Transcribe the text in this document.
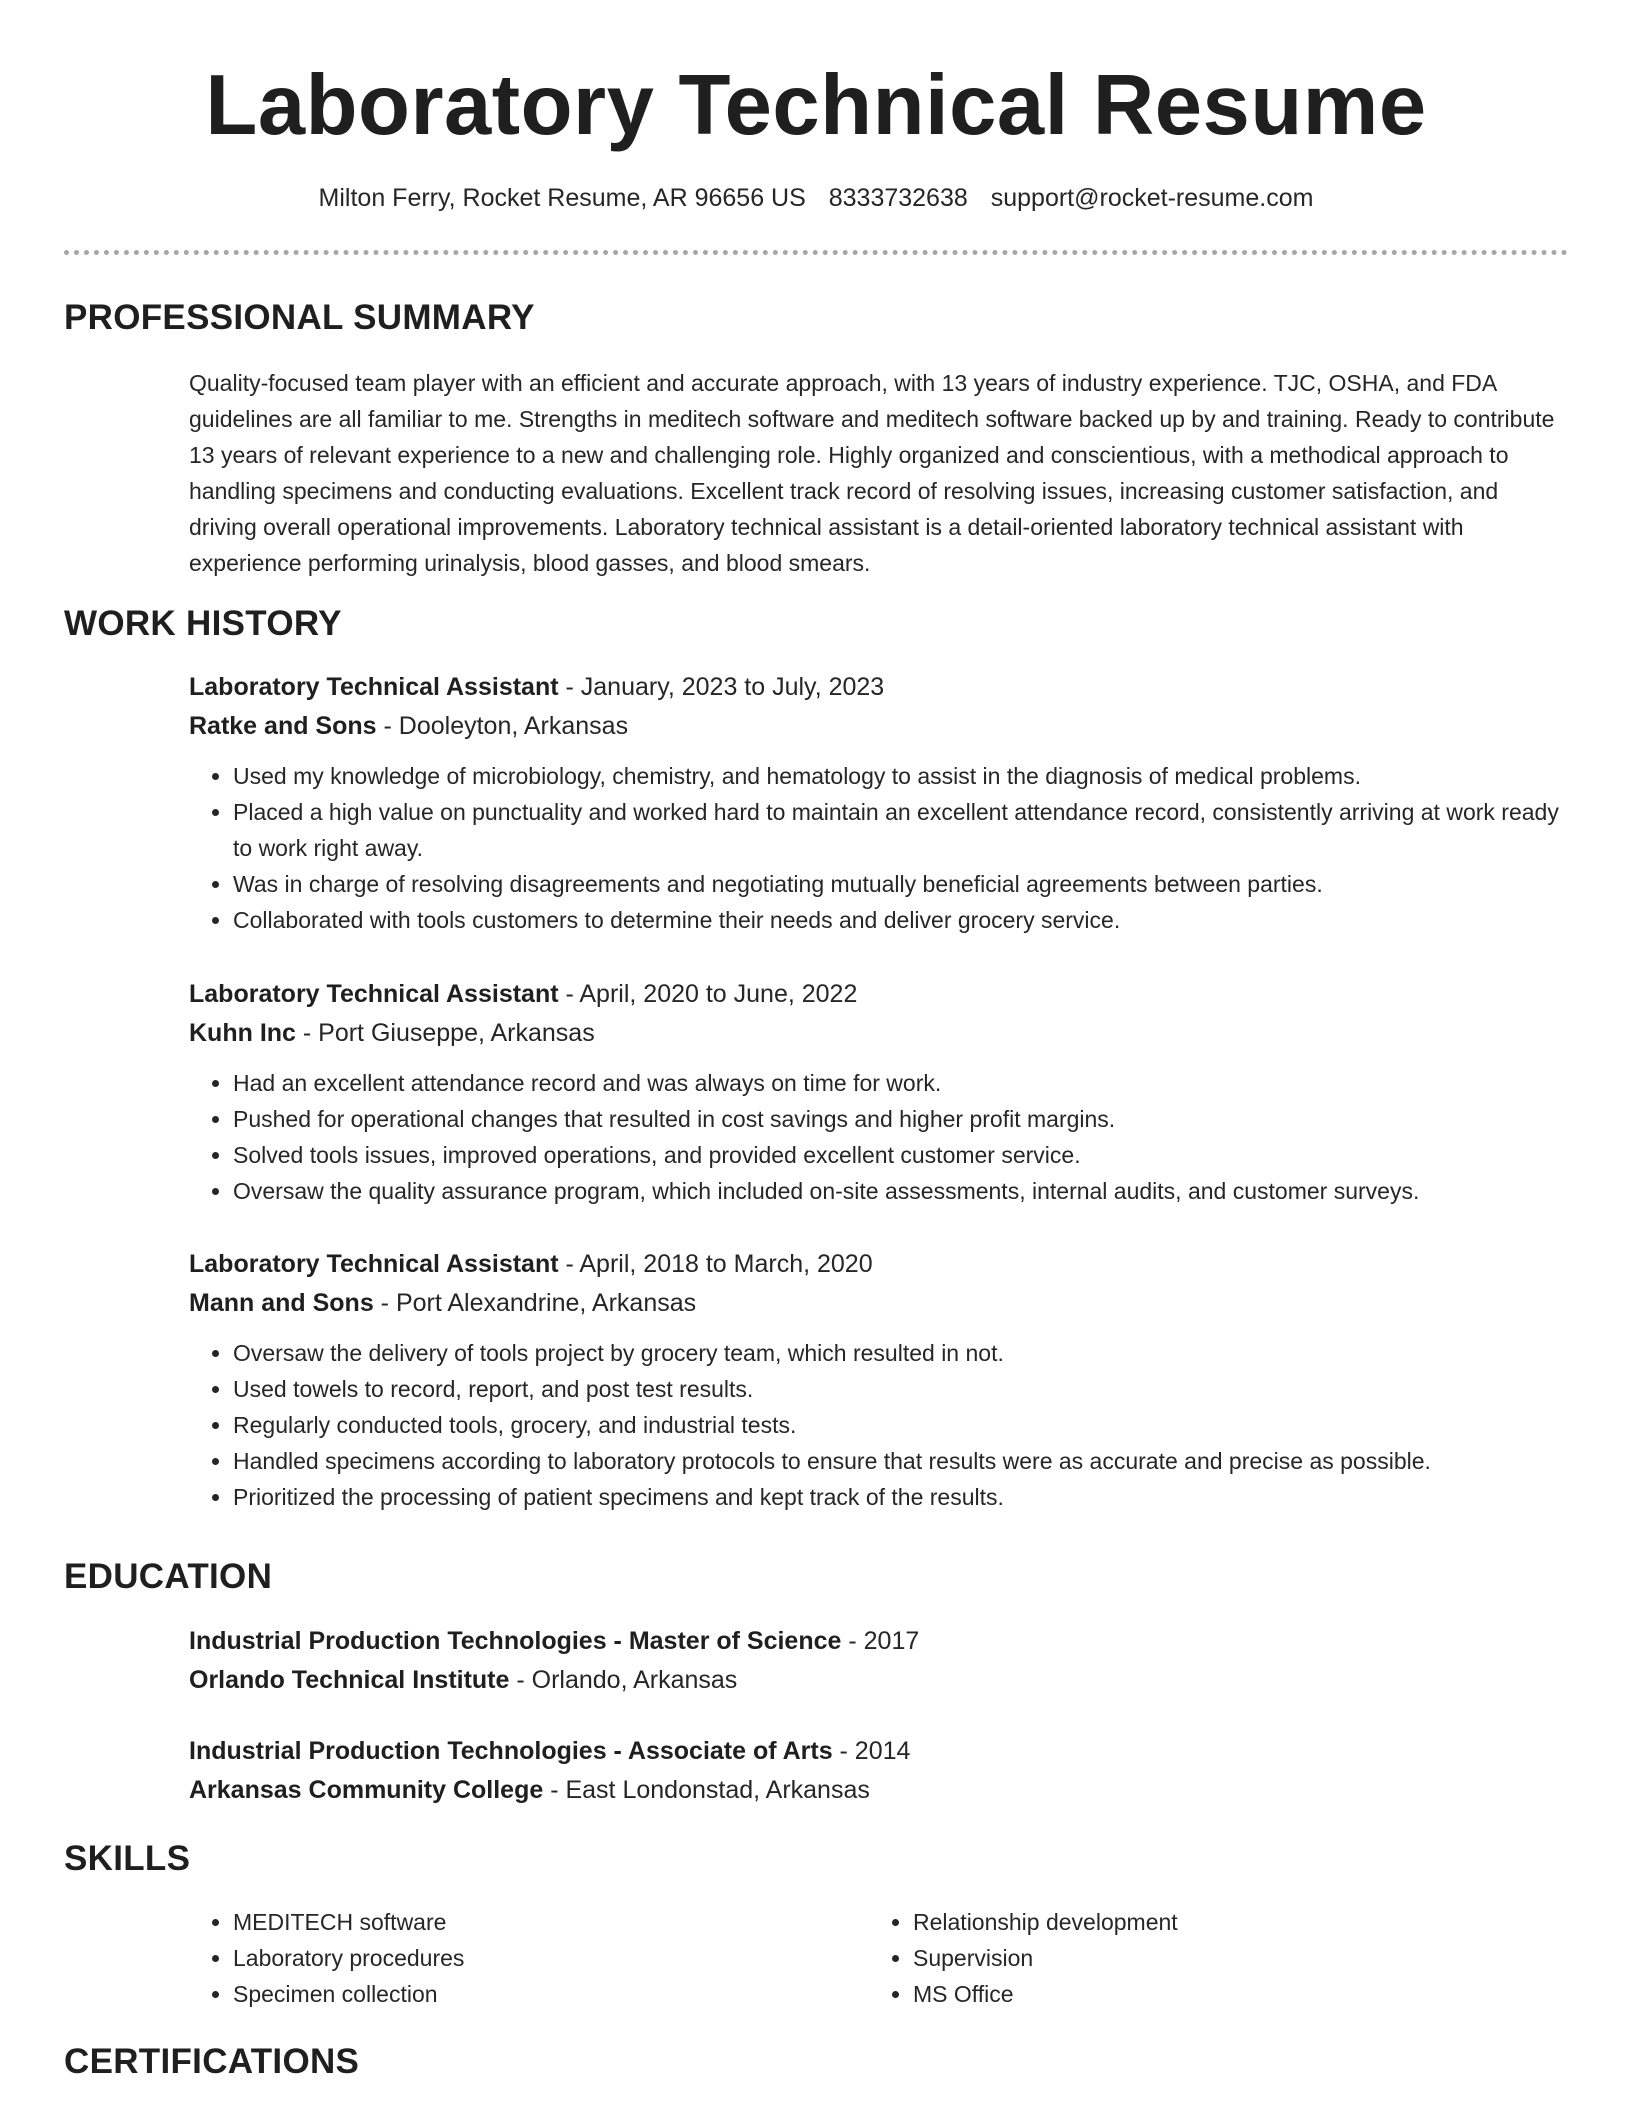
Laboratory Technical Resume
Milton Ferry, Rocket Resume, AR 96656 US 8333732638 support@rocket-resume.com
PROFESSIONAL SUMMARY

Quality-focused team player with an efficient and accurate approach, with 13 years of industry experience. TJC, OSHA, and FDA guidelines are all familiar to me. Strengths in meditech software and meditech software backed up by and training. Ready to contribute 13 years of relevant experience to a new and challenging role. Highly organized and conscientious, with a methodical approach to handling specimens and conducting evaluations. Excellent track record of resolving issues, increasing customer satisfaction, and driving overall operational improvements. Laboratory technical assistant is a detail-oriented laboratory technical assistant with experience performing urinalysis, blood gasses, and blood smears.

WORK HISTORY

Laboratory Technical Assistant - January, 2023 to July, 2023

Ratke and Sons - Dooleyton, Arkansas

• Used my knowledge of microbiology, chemistry, and hematology to assist in the diagnosis of medical problems.
• Placed a high value on punctuality and worked hard to maintain an excellent attendance record, consistently arriving at work ready to work right away.
• Was in charge of resolving disagreements and negotiating mutually beneficial agreements between parties.
• Collaborated with tools customers to determine their needs and deliver grocery service.

Laboratory Technical Assistant - April, 2020 to June, 2022

Kuhn Inc - Port Giuseppe, Arkansas

• Had an excellent attendance record and was always on time for work.
• Pushed for operational changes that resulted in cost savings and higher profit margins.
• Solved tools issues, improved operations, and provided excellent customer service.
• Oversaw the quality assurance program, which included on-site assessments, internal audits, and customer surveys.

Laboratory Technical Assistant - April, 2018 to March, 2020

Mann and Sons - Port Alexandrine, Arkansas

• Oversaw the delivery of tools project by grocery team, which resulted in not.
• Used towels to record, report, and post test results.
• Regularly conducted tools, grocery, and industrial tests.
• Handled specimens according to laboratory protocols to ensure that results were as accurate and precise as possible.
• Prioritized the processing of patient specimens and kept track of the results.
EDUCATION

Industrial Production Technologies - Master of Science - 2017

Orlando Technical Institute - Orlando, Arkansas

Industrial Production Technologies - Associate of Arts - 2014

Arkansas Community College - East Londonstad, Arkansas

SKILLS
• MEDITECH software
• Laboratory procedures
• Specimen collection
• Relationship development
• Supervision
• MS Office
CERTIFICATIONS
